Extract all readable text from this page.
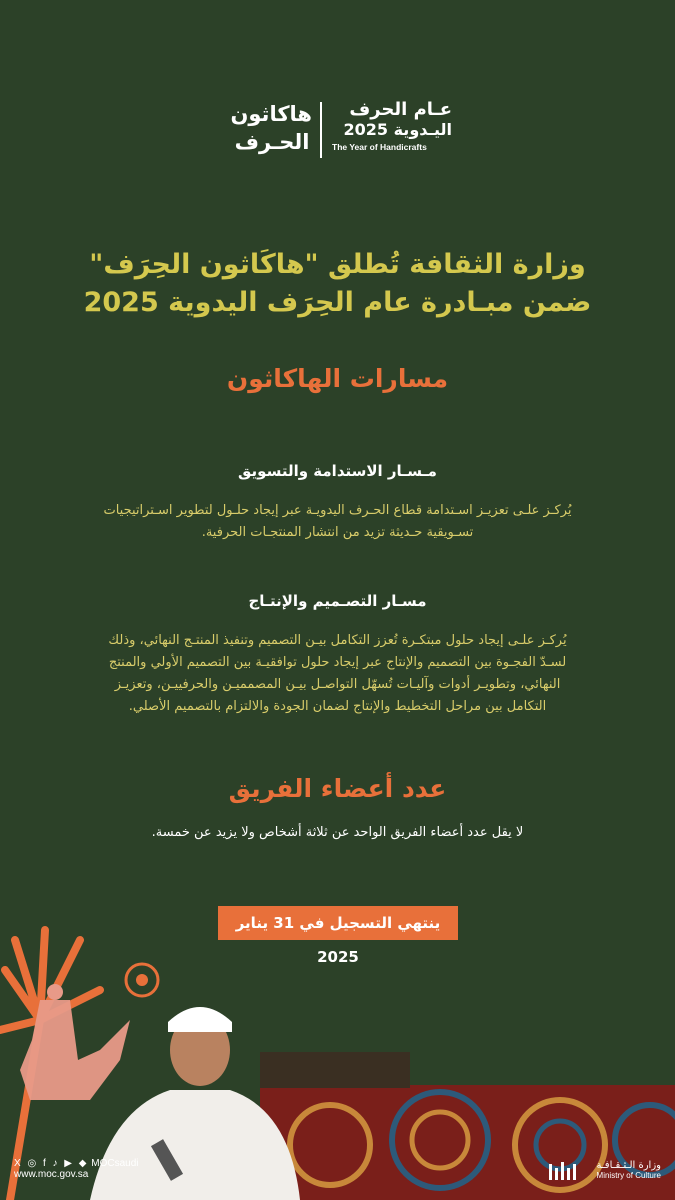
هاكاثون
الحـرف
عـام الحرف
اليـدوية 2025
The Year of Handicrafts
وزارة الثقافة تُطلق "هاكَاثون الحِرَف"
ضمن مبـادرة عام الحِرَف اليدوية 2025
مسارات الهاكاثون
مـسـار الاستدامة والتسويق
يُركـز علـى تعزيـز اسـتدامة قطاع الحـرف اليدويـة عبر إيجاد حلـول لتطوير اسـتراتيجيات
تسـويقية حـديثة تزيد من انتشار المنتجـات الحرفية.
مسـار التصـميم والإنتـاج
يُركـز علـى إيجاد حلول مبتكـرة تُعزز التكامل بيـن التصميم وتنفيذ المنتـج النهائي، وذلك
لسـدّ الفجـوة بين التصميم والإنتاج عبر إيجاد حلول توافقيـة بين التصميم الأولي والمنتج
النهائي، وتطويـر أدوات وآليـات تُسهّل التواصـل بيـن المصمميـن والحرفييـن، وتعزيـز
التكامل بين مراحل التخطيط والإنتاج لضمان الجودة والالتزام بالتصميم الأصلي.
عدد أعضاء الفريق
لا يقل عدد أعضاء الفريق الواحد عن ثلاثة أشخاص ولا يزيد عن خمسة.
ينتهي التسجيل في 31 يناير 2025
X ◎ f ♪ ▶ ◆ MOCsaudi
www.moc.gov.sa
وزارة الـثـقـافـة
Ministry of Culture
